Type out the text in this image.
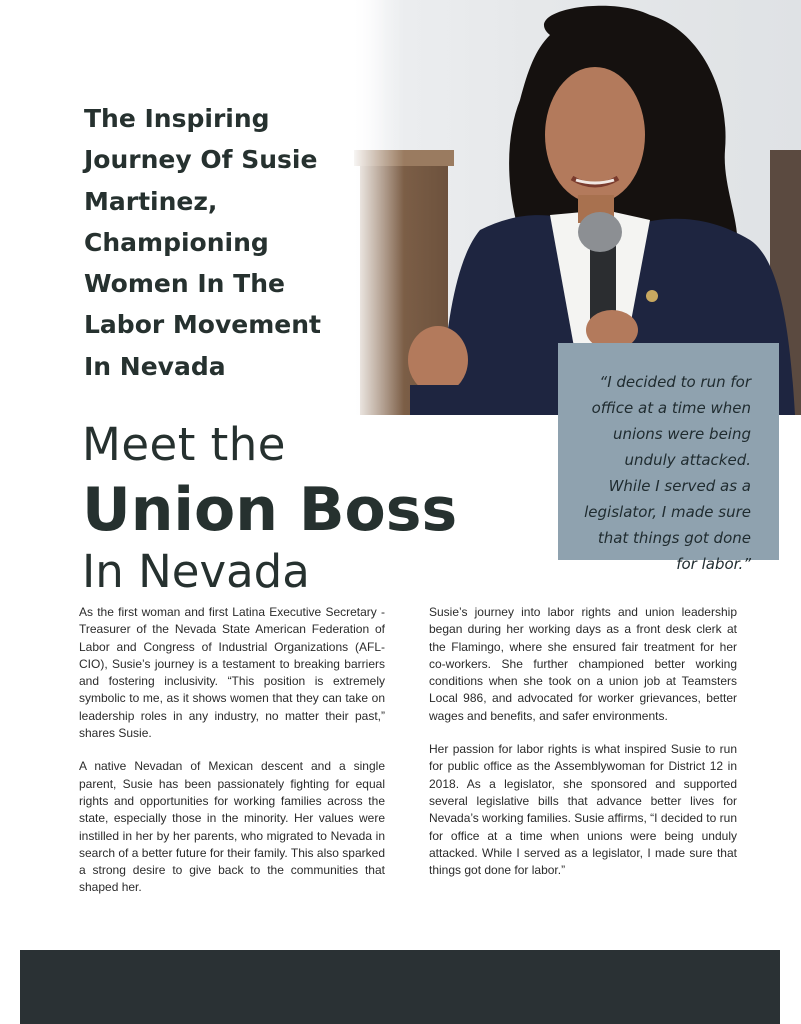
The Inspiring
Journey Of Susie
Martinez,
Championing
Women In The
Labor Movement
In Nevada
“I decided to run for office at a time when unions were being unduly attacked. While I served as a legislator, I made sure that things got done for labor.”
Meet the
Union Boss
In Nevada

As the first woman and first Latina Executive Secretary - Treasurer of the Nevada State American Federation of Labor and Congress of Industrial Organizations (AFL-CIO), Susie’s journey is a testament to breaking barriers and fostering inclusivity. “This position is extremely symbolic to me, as it shows women that they can take on leadership roles in any industry, no matter their past,” shares Susie.

A native Nevadan of Mexican descent and a single parent, Susie has been passionately fighting for equal rights and opportunities for working families across the state, especially those in the minority. Her values were instilled in her by her parents, who migrated to Nevada in search of a better future for their family. This also sparked a strong desire to give back to the communities that shaped her.

Susie’s journey into labor rights and union leadership began during her working days as a front desk clerk at the Flamingo, where she ensured fair treatment for her co-workers. She further championed better working conditions when she took on a union job at Teamsters Local 986, and advocated for worker grievances, better wages and benefits, and safer environments.

Her passion for labor rights is what inspired Susie to run for public office as the Assemblywoman for District 12 in 2018. As a legislator, she sponsored and supported several legislative bills that advance better lives for Nevada’s working families. Susie affirms, “I decided to run for office at a time when unions were being unduly attacked. While I served as a legislator, I made sure that things got done for labor.”
